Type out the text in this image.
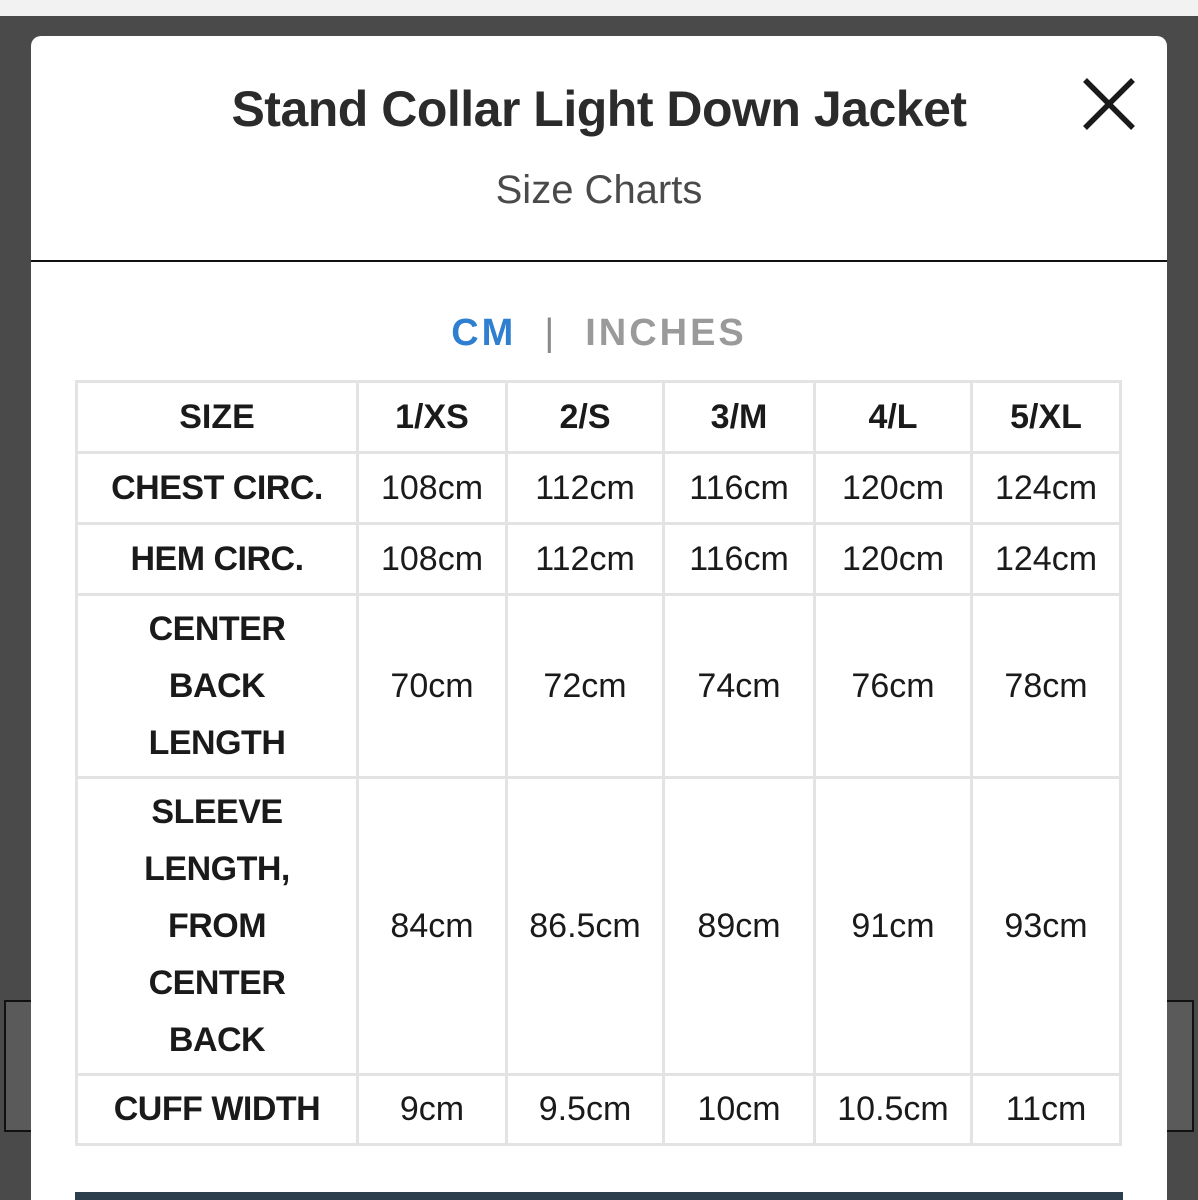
Stand Collar Light Down Jacket
Size Charts
CM | INCHES
SIZE	1/XS	2/S	3/M	4/L	5/XL

CHEST CIRC.	108cm	112cm	116cm	120cm	124cm

HEM CIRC.	108cm	112cm	116cm	120cm	124cm

CENTER
BACK
LENGTH	70cm	72cm	74cm	76cm	78cm

SLEEVE
LENGTH,
FROM
CENTER
BACK	84cm	86.5cm	89cm	91cm	93cm

CUFF WIDTH	9cm	9.5cm	10cm	10.5cm	11cm
